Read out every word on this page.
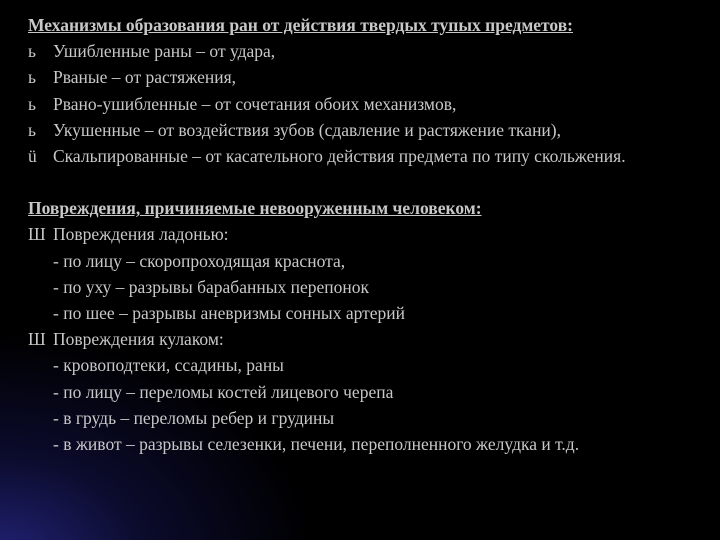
Механизмы образования ран от действия твердых тупых предметов:
ь Ушибленные раны – от удара,
ь Рваные – от растяжения,
ь Рвано-ушибленные – от сочетания обоих механизмов,
ь Укушенные – от воздействия зубов (сдавление и растяжение ткани),
ü Скальпированные – от касательного действия предмета по типу скольжения.
Повреждения, причиняемые невооруженным человеком:
Ш Повреждения ладонью:
- по лицу – скоропроходящая краснота,
- по уху – разрывы барабанных перепонок
- по шее – разрывы аневризмы сонных артерий
Ш Повреждения кулаком:
- кровоподтеки, ссадины, раны
- по лицу – переломы костей лицевого черепа
- в грудь – переломы ребер и грудины
- в живот – разрывы селезенки, печени, переполненного желудка и т.д.
